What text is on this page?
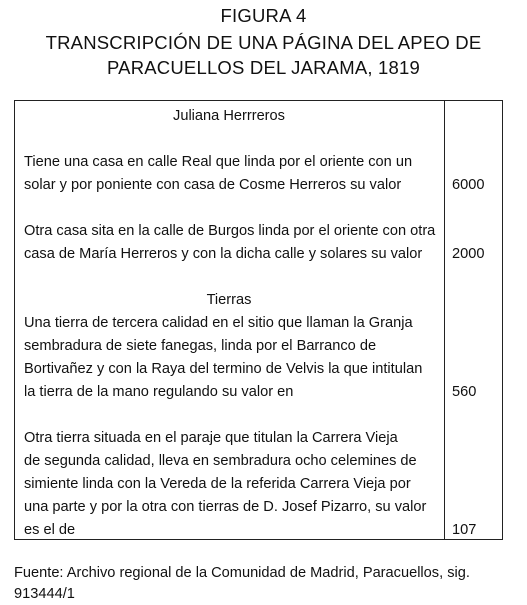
FIGURA 4
TRANSCRIPCIÓN DE UNA PÁGINA DEL APEO DE
PARACUELLOS DEL JARAMA, 1819
Juliana Herrreros
Tiene una casa en calle Real que linda por el oriente con un
solar y por poniente con casa de Cosme Herreros su valor	6000
Otra casa sita en la calle de Burgos linda por el oriente con otra
casa de María Herreros y con la dicha calle y solares su valor 2000
Tierras
Una tierra de tercera calidad en el sitio que llaman la Granja
sembradura de siete fanegas, linda por el Barranco de
Bortivañez y con la Raya del termino de Velvis la que intitulan
la tierra de la mano regulando su valor en	560
Otra tierra situada en el paraje que titulan la Carrera Vieja
de segunda calidad, lleva en sembradura ocho celemines de
simiente linda con la Vereda de la referida Carrera Vieja por
una parte y por la otra con tierras de D. Josef Pizarro, su valor
es el de	107
Fuente: Archivo regional de la Comunidad de Madrid, Paracuellos, sig.
913444/1
